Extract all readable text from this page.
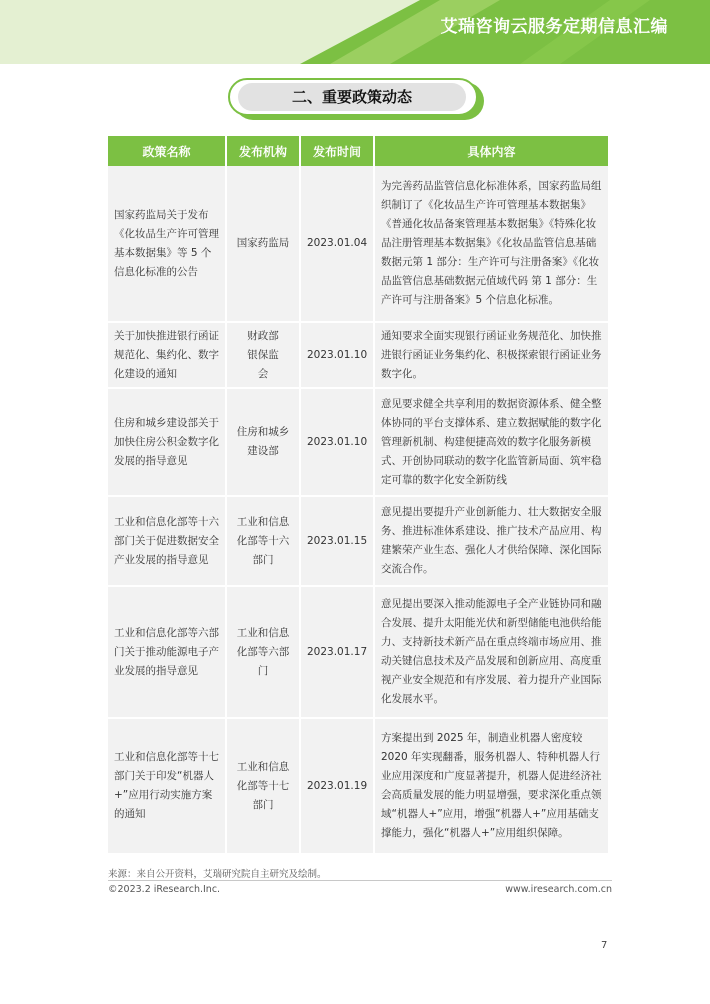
艾瑞咨询云服务定期信息汇编
二、重要政策动态
政策名称	发布机构	发布时间	具体内容
国家药监局关于发布《化妆品生产许可管理基本数据集》等 5 个信息化标准的公告	国家药监局	2023.01.04	为完善药品监管信息化标准体系，国家药监局组织制订了《化妆品生产许可管理基本数据集》《普通化妆品备案管理基本数据集》《特殊化妆品注册管理基本数据集》《化妆品监管信息基础数据元第 1 部分：生产许可与注册备案》《化妆品监管信息基础数据元值域代码 第 1 部分：生产许可与注册备案》5 个信息化标准。
关于加快推进银行函证规范化、集约化、数字化建设的通知	财政部银保监会	2023.01.10	通知要求全面实现银行函证业务规范化、加快推进银行函证业务集约化、积极探索银行函证业务数字化。
住房和城乡建设部关于加快住房公积金数字化发展的指导意见	住房和城乡建设部	2023.01.10	意见要求健全共享利用的数据资源体系、健全整体协同的平台支撑体系、建立数据赋能的数字化管理新机制、构建便捷高效的数字化服务新模式、开创协同联动的数字化监管新局面、筑牢稳定可靠的数字化安全新防线
工业和信息化部等十六部门关于促进数据安全产业发展的指导意见	工业和信息化部等十六部门	2023.01.15	意见提出要提升产业创新能力、壮大数据安全服务、推进标准体系建设、推广技术产品应用、构建繁荣产业生态、强化人才供给保障、深化国际交流合作。
工业和信息化部等六部门关于推动能源电子产业发展的指导意见	工业和信息化部等六部门	2023.01.17	意见提出要深入推动能源电子全产业链协同和融合发展、提升太阳能光伏和新型储能电池供给能力、支持新技术新产品在重点终端市场应用、推动关键信息技术及产品发展和创新应用、高度重视产业安全规范和有序发展、着力提升产业国际化发展水平。
工业和信息化部等十七部门关于印发“机器人+”应用行动实施方案的通知	工业和信息化部等十七部门	2023.01.19	方案提出到 2025 年，制造业机器人密度较 2020 年实现翻番，服务机器人、特种机器人行业应用深度和广度显著提升，机器人促进经济社会高质量发展的能力明显增强，要求深化重点领域“机器人+”应用，增强“机器人+”应用基础支撑能力，强化“机器人+”应用组织保障。
来源：来自公开资料，艾瑞研究院自主研究及绘制。
©2023.2 iResearch.Inc.	www.iresearch.com.cn
7
